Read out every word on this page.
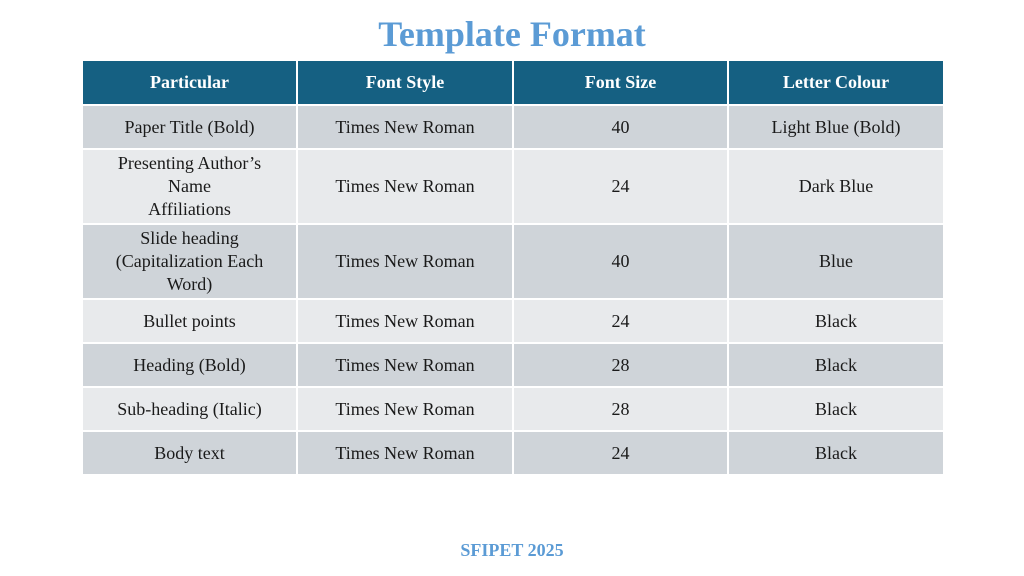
Template Format
Particular	Font Style	Font Size	Letter Colour

Paper Title (Bold)	Times New Roman	40	Light Blue (Bold)

Presenting Author’s
Name
Affiliations	Times New Roman	24	Dark Blue

Slide heading
(Capitalization Each
Word)	Times New Roman	40	Blue

Bullet points	Times New Roman	24	Black

Heading (Bold)	Times New Roman	28	Black

Sub-heading (Italic)	Times New Roman	28	Black

Body text	Times New Roman	24	Black
SFIPET 2025
